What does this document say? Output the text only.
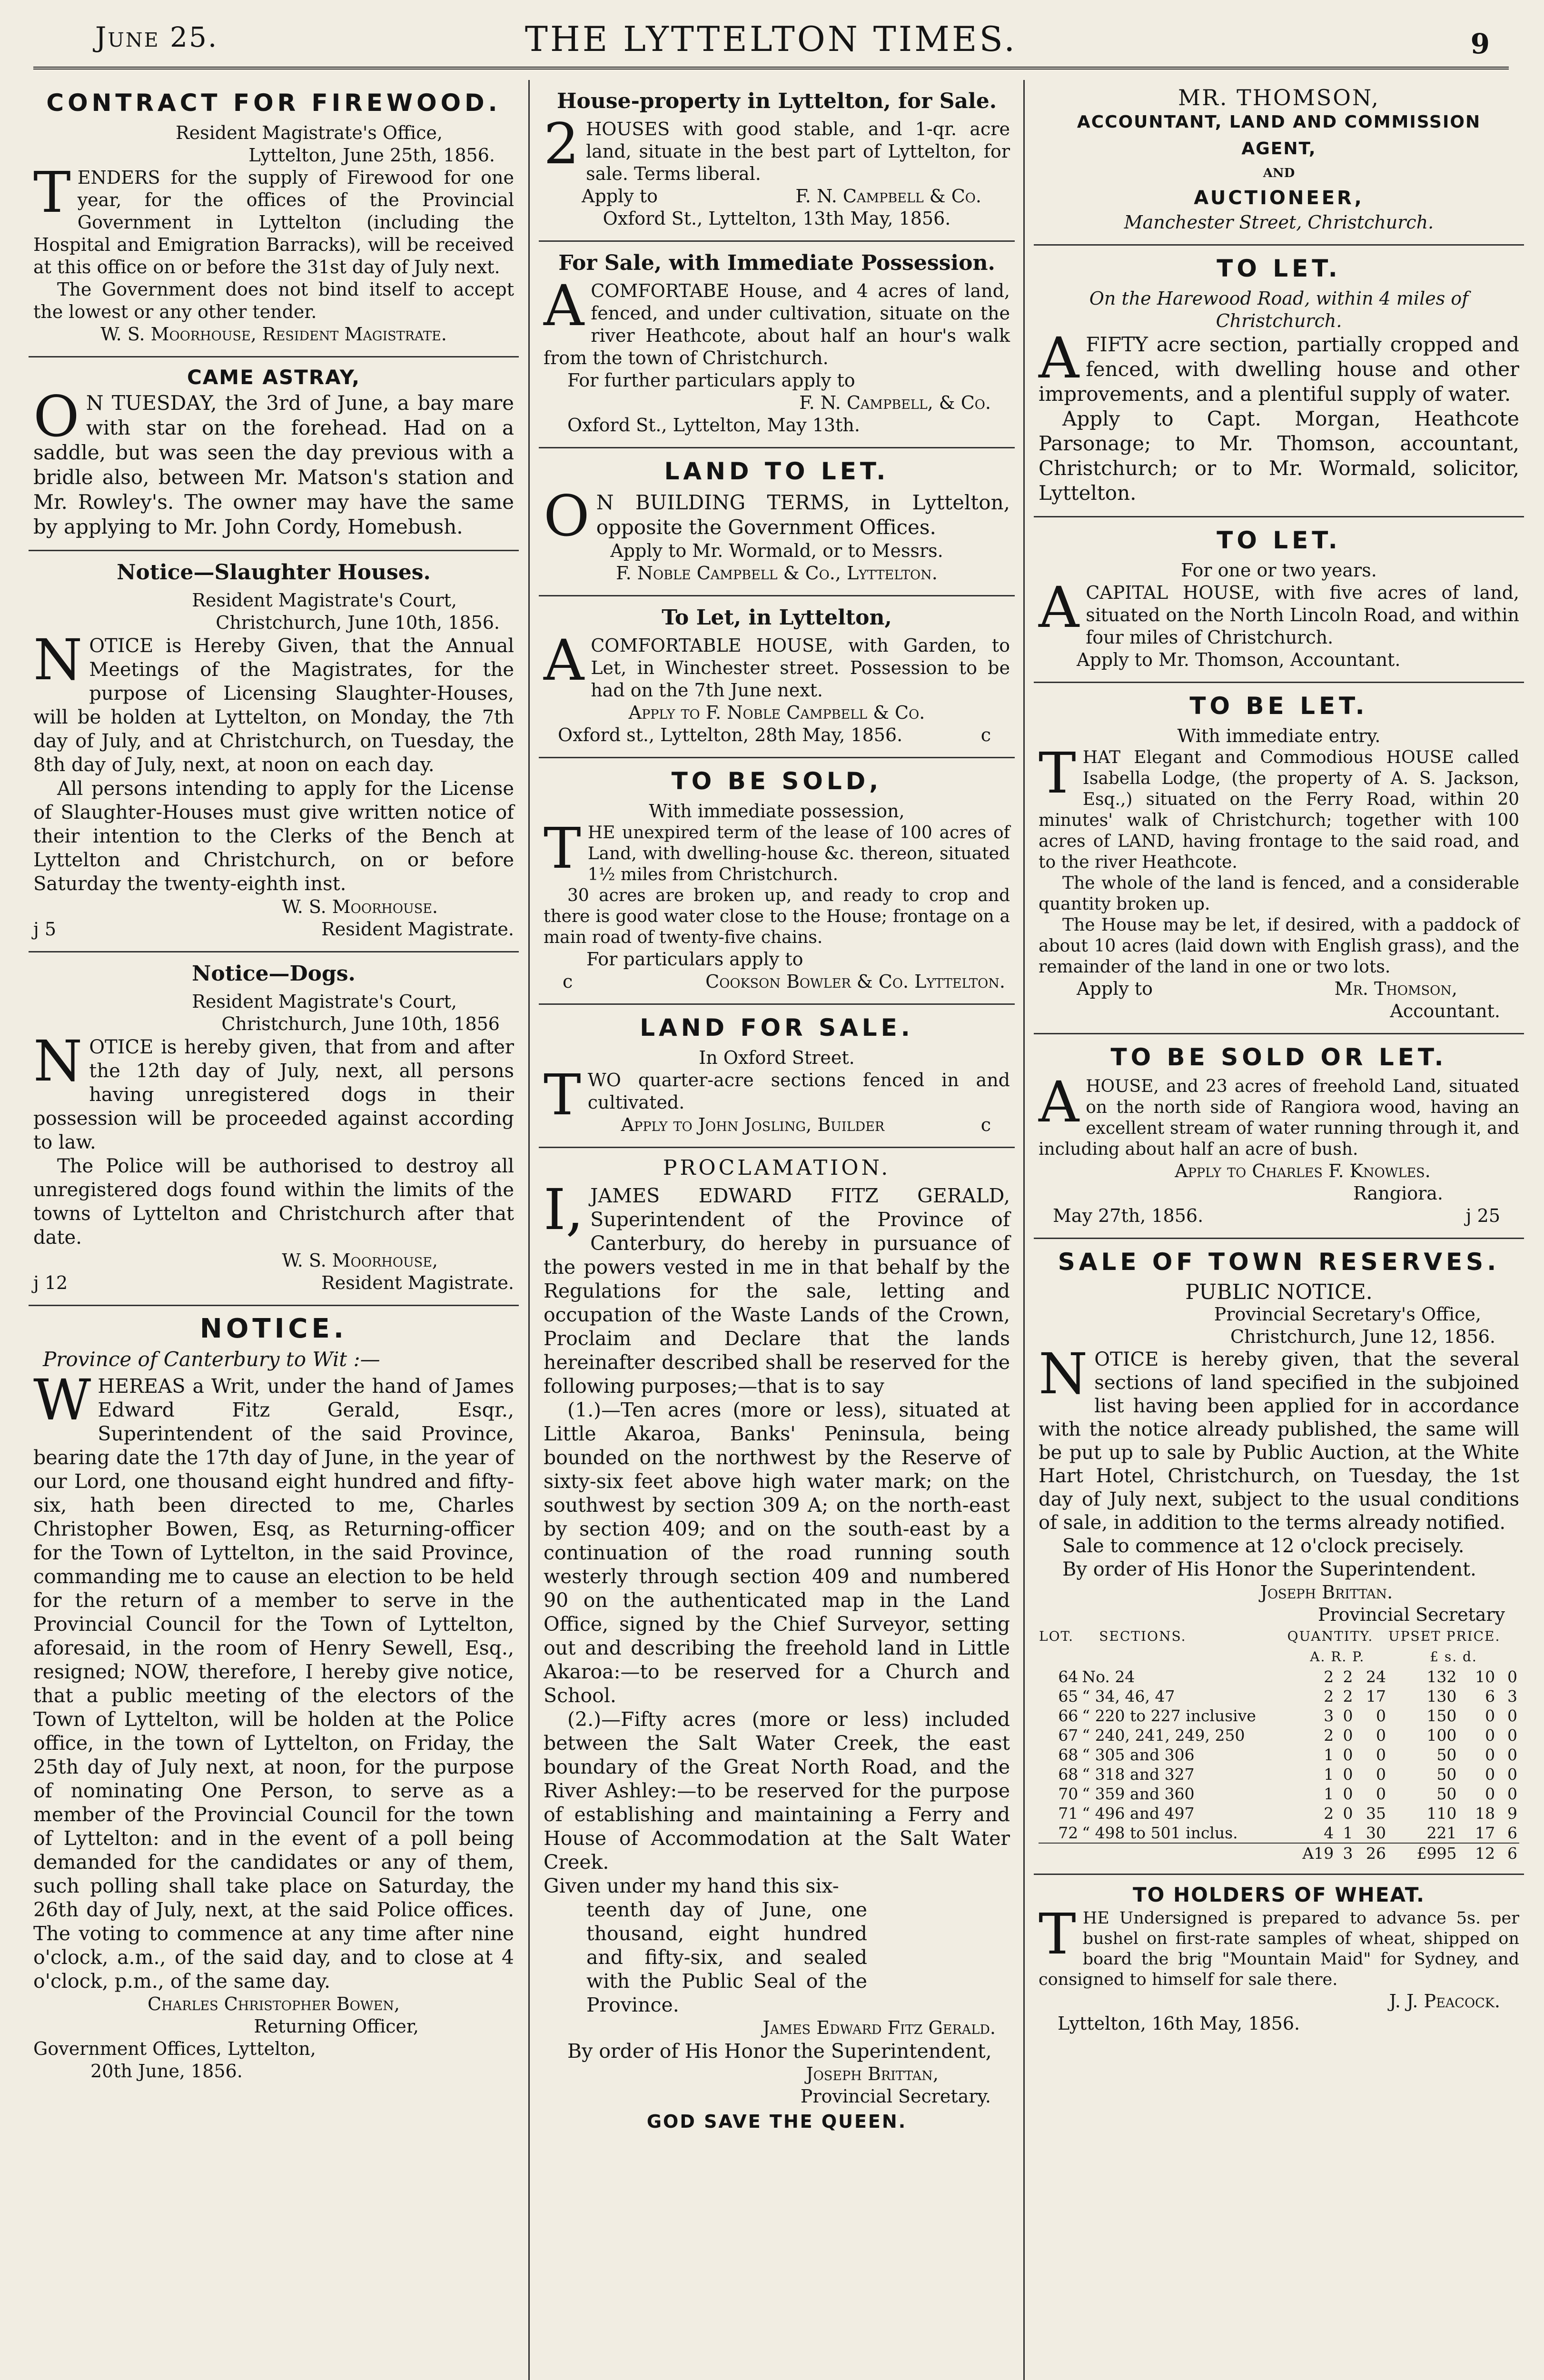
June 25.	THE LYTTELTON TIMES.	9
CONTRACT FOR FIREWOOD.
Resident Magistrate's Office,
Lyttelton, June 25th, 1856.

TENDERS for the supply of Firewood for one year, for the offices of the Provincial Government in Lyttelton (including the Hospital and Emigration Barracks), will be received at this office on or before the 31st day of July next.

The Government does not bind itself to accept the lowest or any other tender.

W. S. Moorhouse, Resident Magistrate.
CAME ASTRAY,

O N TUESDAY, the 3rd of June, a bay mare with star on the forehead. Had on a saddle, but was seen the day previous with a bridle also, between Mr. Matson's station and Mr. Rowley's. The owner may have the same by applying to Mr. John Cordy, Homebush.

Notice—Slaughter Houses.
Resident Magistrate's Court,
Christchurch, June 10th, 1856.

NOTICE is Hereby Given, that the Annual Meetings of the Magistrates, for the purpose of Licensing Slaughter-Houses, will be holden at Lyttelton, on Monday, the 7th day of July, and at Christchurch, on Tuesday, the 8th day of July, next, at noon on each day.

All persons intending to apply for the License of Slaughter-Houses must give written notice of their intention to the Clerks of the Bench at Lyttelton and Christchurch, on or before Saturday the twenty-eighth inst.

W. S. Moorhouse.
j 5	Resident Magistrate.
Notice—Dogs.
Resident Magistrate's Court,
Christchurch, June 10th, 1856

NOTICE is hereby given, that from and after the 12th day of July, next, all persons having unregistered dogs in their possession will be proceeded against according to law.

The Police will be authorised to destroy all unregistered dogs found within the limits of the towns of Lyttelton and Christchurch after that date.

W. S. Moorhouse,
j 12	Resident Magistrate.
NOTICE.
Province of Canterbury to Wit :—

WHEREAS a Writ, under the hand of James Edward Fitz Gerald, Esqr., Superintendent of the said Province, bearing date the 17th day of June, in the year of our Lord, one thousand eight hundred and fifty-six, hath been directed to me, Charles Christopher Bowen, Esq, as Returning-officer for the Town of Lyttelton, in the said Province, commanding me to cause an election to be held for the return of a member to serve in the Provincial Council for the Town of Lyttelton, aforesaid, in the room of Henry Sewell, Esq., resigned; NOW, therefore, I hereby give notice, that a public meeting of the electors of the Town of Lyttelton, will be holden at the Police office, in the town of Lyttelton, on Friday, the 25th day of July next, at noon, for the purpose of nominating One Person, to serve as a member of the Provincial Council for the town of Lyttelton: and in the event of a poll being demanded for the candidates or any of them, such polling shall take place on Saturday, the 26th day of July, next, at the said Police offices. The voting to commence at any time after nine o'clock, a.m., of the said day, and to close at 4 o'clock, p.m., of the same day.

Charles Christopher Bowen,
Returning Officer,
Government Offices, Lyttelton,
20th June, 1856.
House-property in Lyttelton, for Sale.

2 HOUSES with good stable, and 1-qr. acre land, situate in the best part of Lyttelton, for sale. Terms liberal.

Apply to	F. N. Campbell & Co.
Oxford St., Lyttelton, 13th May, 1856.
For Sale, with Immediate Possession.

ACOMFORTABE House, and 4 acres of land, fenced, and under cultivation, situate on the river Heathcote, about half an hour's walk from the town of Christchurch.

For further particulars apply to
F. N. Campbell, & Co.
Oxford St., Lyttelton, May 13th.
LAND TO LET.

O N BUILDING TERMS, in Lyttelton, opposite the Government Offices.

Apply to Mr. Wormald, or to Messrs.
F. Noble Campbell & Co., Lyttelton.
To Let, in Lyttelton,

ACOMFORTABLE HOUSE, with Garden, to Let, in Winchester street. Possession to be had on the 7th June next.

Apply to F. Noble Campbell & Co.
Oxford st., Lyttelton, 28th May, 1856.	c
TO BE SOLD,
With immediate possession,

THE unexpired term of the lease of 100 acres of Land, with dwelling-house &c. thereon, situated 1½ miles from Christchurch.

30 acres are broken up, and ready to crop and there is good water close to the House; frontage on a main road of twenty-five chains.

For particulars apply to
c	Cookson Bowler & Co. Lyttelton.
LAND FOR SALE.
In Oxford Street.

TWO quarter-acre sections fenced in and cultivated.

Apply to John Josling, Builder	c
PROCLAMATION.

I, JAMES EDWARD FITZ GERALD, Superintendent of the Province of Canterbury, do hereby in pursuance of the powers vested in me in that behalf by the Regulations for the sale, letting and occupation of the Waste Lands of the Crown, Proclaim and Declare that the lands hereinafter described shall be reserved for the following purposes;—that is to say

(1.)—Ten acres (more or less), situated at Little Akaroa, Banks' Peninsula, being bounded on the northwest by the Reserve of sixty-six feet above high water mark; on the southwest by section 309 A; on the north-east by section 409; and on the south-east by a continuation of the road running south westerly through section 409 and numbered 90 on the authenticated map in the Land Office, signed by the Chief Surveyor, setting out and describing the freehold land in Little Akaroa:—to be reserved for a Church and School.

(2.)—Fifty acres (more or less) included between the Salt Water Creek, the east boundary of the Great North Road, and the River Ashley:—to be reserved for the purpose of establishing and maintaining a Ferry and House of Accommodation at the Salt Water Creek.

Given under my hand this six-
teenth day of June, one thousand, eight hundred and fifty-six, and sealed with the Public Seal of the Province.
James Edward Fitz Gerald.
By order of His Honor the Superintendent,
Joseph Brittan,
Provincial Secretary.
GOD SAVE THE QUEEN.
MR. THOMSON,
ACCOUNTANT, LAND AND COMMISSION AGENT,
AND
AUCTIONEER,
Manchester Street, Christchurch.
TO LET.
On the Harewood Road, within 4 miles of Christchurch.

AFIFTY acre section, partially cropped and fenced, with dwelling house and other improvements, and a plentiful supply of water.

Apply to Capt. Morgan, Heathcote Parsonage; to Mr. Thomson, accountant, Christchurch; or to Mr. Wormald, solicitor, Lyttelton.

TO LET.
For one or two years.

ACAPITAL HOUSE, with five acres of land, situated on the North Lincoln Road, and within four miles of Christchurch.

Apply to Mr. Thomson, Accountant.
TO BE LET.
With immediate entry.

THAT Elegant and Commodious HOUSE called Isabella Lodge, (the property of A. S. Jackson, Esq.,) situated on the Ferry Road, within 20 minutes' walk of Christchurch; together with 100 acres of LAND, having frontage to the said road, and to the river Heathcote.

The whole of the land is fenced, and a considerable quantity broken up.

The House may be let, if desired, with a paddock of about 10 acres (laid down with English grass), and the remainder of the land in one or two lots.

Apply to	Mr. Thomson,
Accountant.
TO BE SOLD OR LET.

AHOUSE, and 23 acres of freehold Land, situated on the north side of Rangiora wood, having an excellent stream of water running through it, and including about half an acre of bush.

Apply to Charles F. Knowles.
Rangiora.
May 27th, 1856.	j 25
SALE OF TOWN RESERVES.
PUBLIC NOTICE.
Provincial Secretary's Office,
Christchurch, June 12, 1856.

NOTICE is hereby given, that the several sections of land specified in the subjoined list having been applied for in accordance with the notice already published, the same will be put up to sale by Public Auction, at the White Hart Hotel, Christchurch, on Tuesday, the 1st day of July next, subject to the usual conditions of sale, in addition to the terms already notified.

Sale to commence at 12 o'clock precisely.

By order of His Honor the Superintendent.

Joseph Brittan.
Provincial Secretary
LOT.	SECTIONS.	QUANTITY.			UPSET PRICE.		
		A. R. P.			£ s. d.		
64	No. 24	2	2	24	132	10	0
65	“ 34, 46, 47	2	2	17	130	6	3
66	“ 220 to 227 inclusive	3	0	0	150	0	0
67	“ 240, 241, 249, 250	2	0	0	100	0	0
68	“ 305 and 306	1	0	0	50	0	0
68	“ 318 and 327	1	0	0	50	0	0
70	“ 359 and 360	1	0	0	50	0	0
71	“ 496 and 497	2	0	35	110	18	9
72	“ 498 to 501 inclus.	4	1	30	221	17	6
		A19	3	26	£995	12	6
TO HOLDERS OF WHEAT.

THE Undersigned is prepared to advance 5s. per bushel on first-rate samples of wheat, shipped on board the brig "Mountain Maid" for Sydney, and consigned to himself for sale there.

J. J. Peacock.
Lyttelton, 16th May, 1856.
